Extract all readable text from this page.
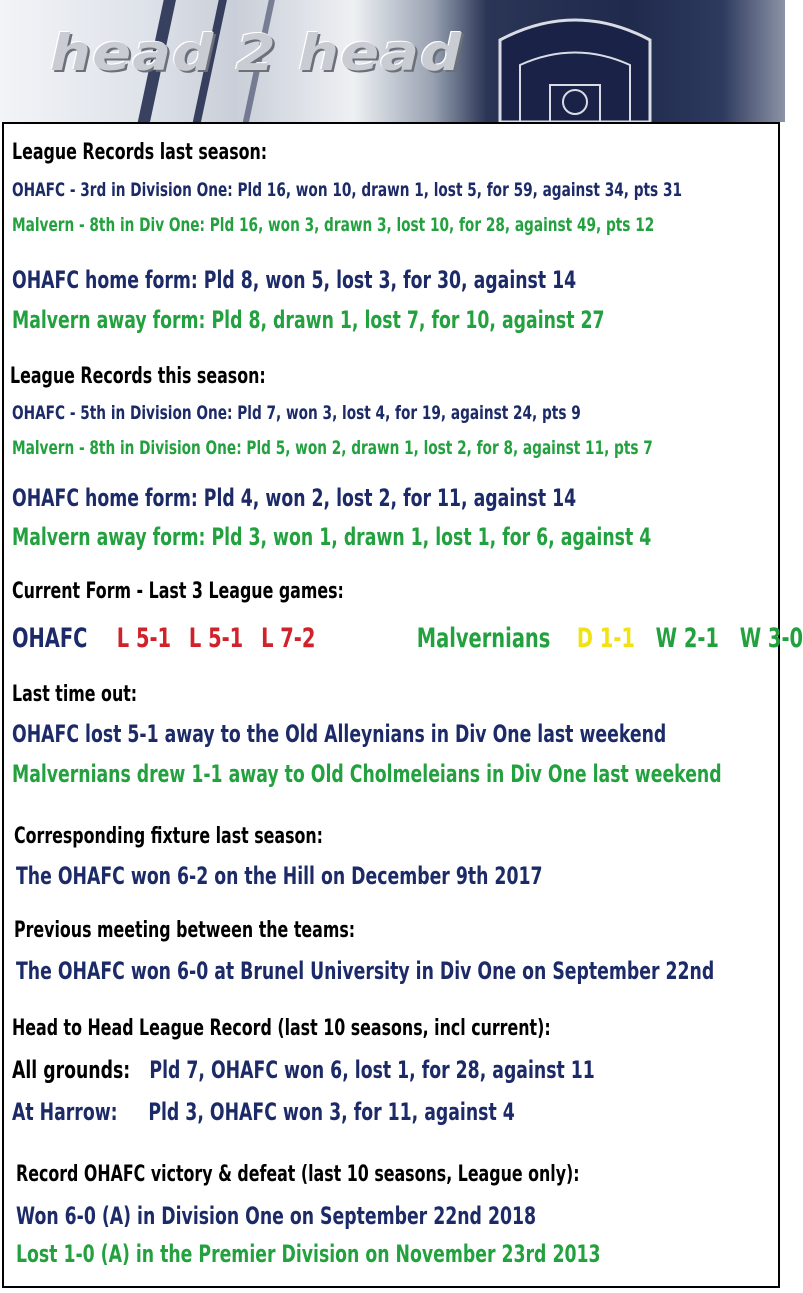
head 2 head
League Records last season:
OHAFC - 3rd in Division One: Pld 16, won 10, drawn 1, lost 5, for 59, against 34, pts 31
Malvern - 8th in Div One: Pld 16, won 3, drawn 3, lost 10, for 28, against 49, pts 12
OHAFC home form: Pld 8, won 5, lost 3, for 30, against 14
Malvern away form: Pld 8, drawn 1, lost 7, for 10, against 27
League Records this season:
OHAFC - 5th in Division One: Pld 7, won 3, lost 4, for 19, against 24, pts 9
Malvern - 8th in Division One: Pld 5, won 2, drawn 1, lost 2, for 8, against 11, pts 7
OHAFC home form: Pld 4, won 2, lost 2, for 11, against 14
Malvern away form: Pld 3, won 1, drawn 1, lost 1, for 6, against 4
Current Form - Last 3 League games:
OHAFC L 5-1 L 5-1 L 7-2	Malvernians D 1-1 W 2-1 W 3-0
Last time out:
OHAFC lost 5-1 away to the Old Alleynians in Div One last weekend
Malvernians drew 1-1 away to Old Cholmeleians in Div One last weekend
Corresponding fixture last season:
The OHAFC won 6-2 on the Hill on December 9th 2017
Previous meeting between the teams:
The OHAFC won 6-0 at Brunel University in Div One on September 22nd
Head to Head League Record (last 10 seasons, incl current):
All grounds: Pld 7, OHAFC won 6, lost 1, for 28, against 11
At Harrow: Pld 3, OHAFC won 3, for 11, against 4
Record OHAFC victory & defeat (last 10 seasons, League only):
Won 6-0 (A) in Division One on September 22nd 2018
Lost 1-0 (A) in the Premier Division on November 23rd 2013
